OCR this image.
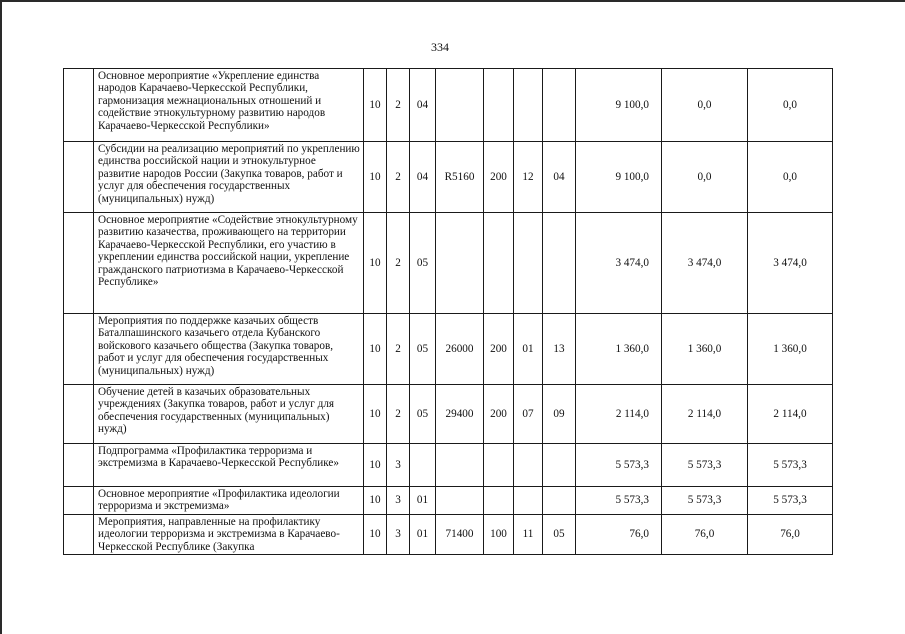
334
	Основное мероприятие «Укрепление единства народов Карачаево-Черкесской Республики, гармонизация межнациональных отношений и содействие этнокультурному развитию народов Карачаево-Черкесской Республики»	10	2	04					9 100,0	0,0	0,0
	Субсидии на реализацию мероприятий по укреплению единства российской нации и этнокультурное развитие народов России (Закупка товаров, работ и услуг для обеспечения государственных (муниципальных) нужд)	10	2	04	R5160	200	12	04	9 100,0	0,0	0,0
	Основное мероприятие «Содействие этнокультурному развитию казачества, проживающего на территории Карачаево-Черкесской Республики, его участию в укреплении единства российской нации, укрепление гражданского патриотизма в Карачаево-Черкесской Республике»	10	2	05					3 474,0	3 474,0	3 474,0
	Мероприятия по поддержке казачьих обществ Баталпашинского казачьего отдела Кубанского войскового казачьего общества (Закупка товаров, работ и услуг для обеспечения государственных (муниципальных) нужд)	10	2	05	26000	200	01	13	1 360,0	1 360,0	1 360,0
	Обучение детей в казачьих образовательных учреждениях (Закупка товаров, работ и услуг для обеспечения государственных (муниципальных) нужд)	10	2	05	29400	200	07	09	2 114,0	2 114,0	2 114,0
	Подпрограмма «Профилактика терроризма и экстремизма в Карачаево-Черкесской Республике»	10	3						5 573,3	5 573,3	5 573,3
	Основное мероприятие «Профилактика идеологии терроризма и экстремизма»	10	3	01					5 573,3	5 573,3	5 573,3
	Мероприятия, направленные на профилактику идеологии терроризма и экстремизма в Карачаево-Черкесской Республике (Закупка	10	3	01	71400	100	11	05	76,0	76,0	76,0
